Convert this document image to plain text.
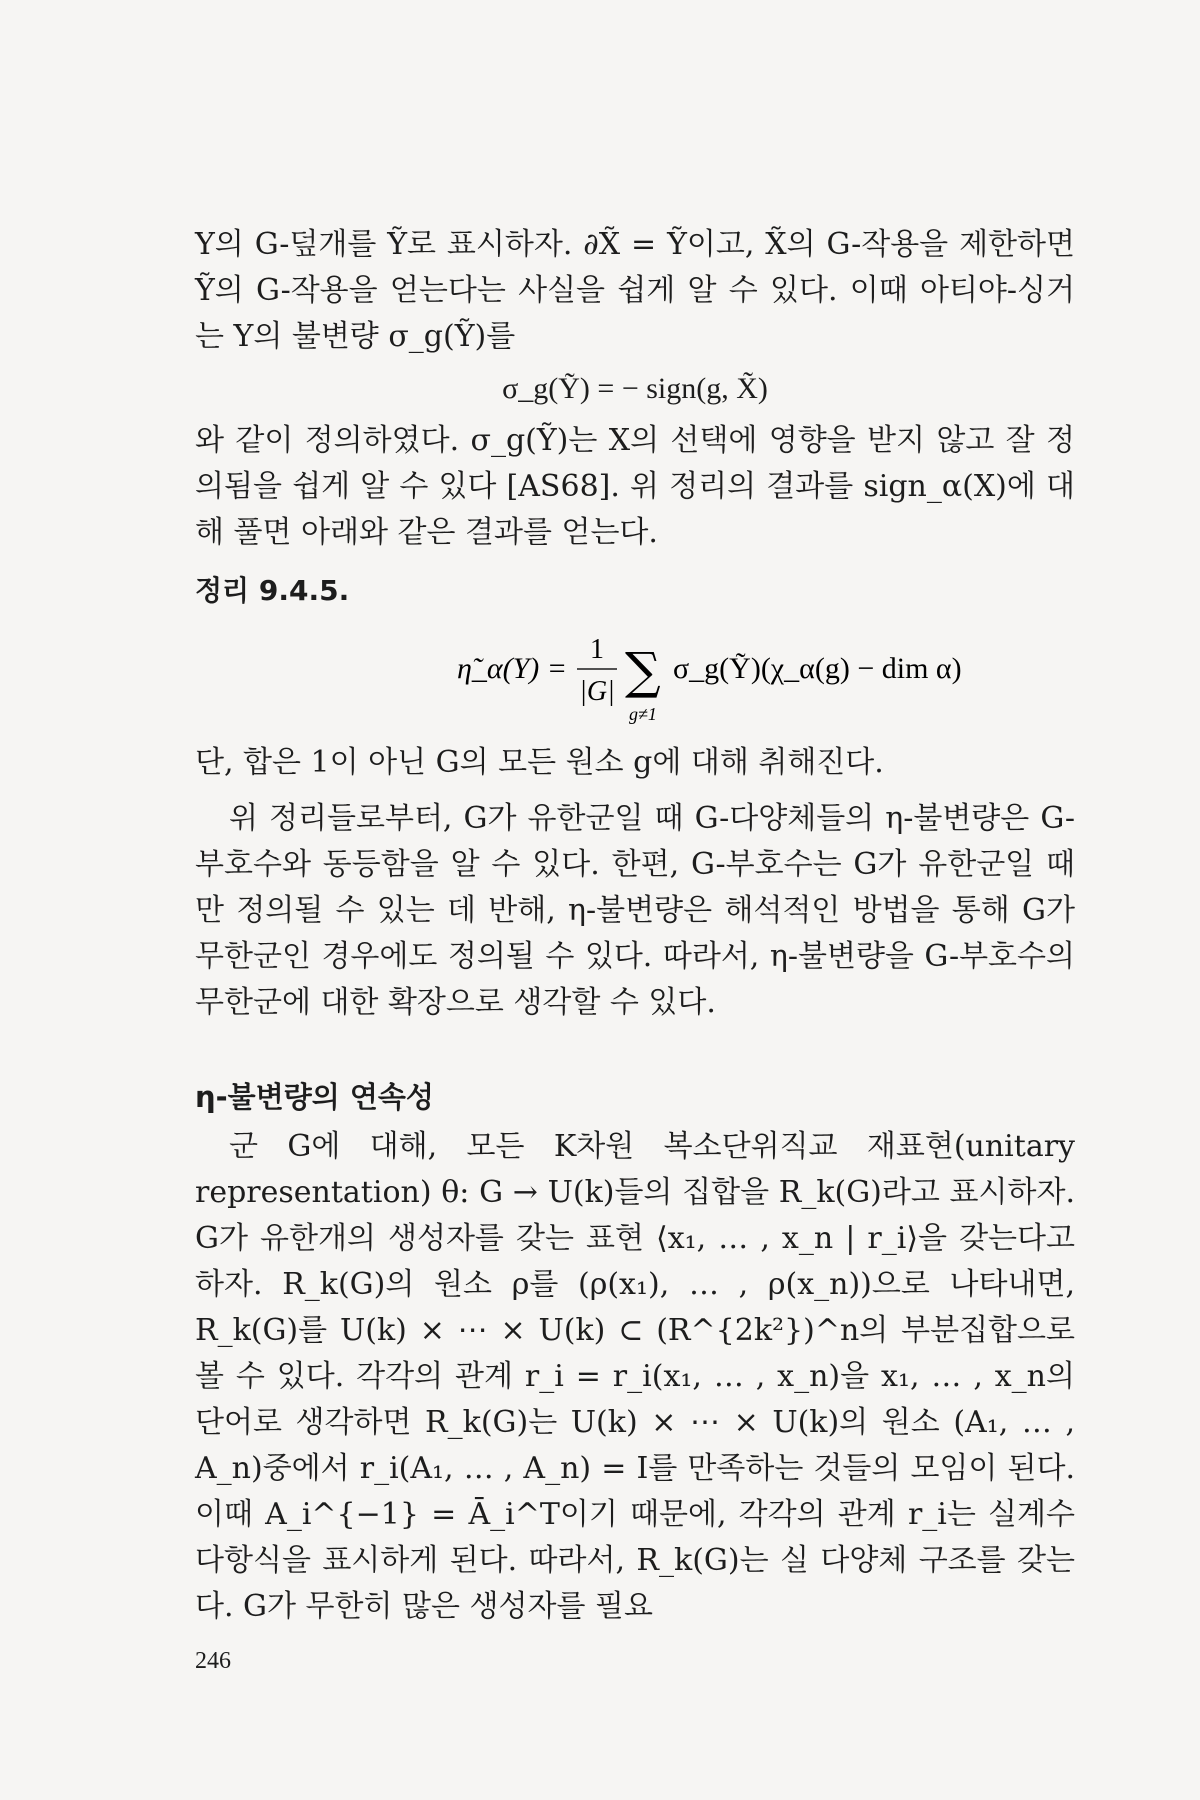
Y의 G-덮개를 Ỹ로 표시하자. ∂X̃ = Ỹ이고, X̃의 G-작용을 제한하면 Ỹ의 G-작용을 얻는다는 사실을 쉽게 알 수 있다. 이때 아티야-싱거는 Y의 불변량 σ_g(Ỹ)를

σ_g(Ỹ) = − sign(g, X̃)

와 같이 정의하였다. σ_g(Ỹ)는 X의 선택에 영향을 받지 않고 잘 정의됨을 쉽게 알 수 있다 [AS68]. 위 정리의 결과를 sign_α(X)에 대해 풀면 아래와 같은 결과를 얻는다.

정리 9.4.5.
η̃_α(Y) =
1
|G| ∑
g≠1
σ_g(Ỹ)(χ_α(g) − dim α)

단, 합은 1이 아닌 G의 모든 원소 g에 대해 취해진다.

위 정리들로부터, G가 유한군일 때 G-다양체들의 η-불변량은 G-부호수와 동등함을 알 수 있다. 한편, G-부호수는 G가 유한군일 때만 정의될 수 있는 데 반해, η-불변량은 해석적인 방법을 통해 G가 무한군인 경우에도 정의될 수 있다. 따라서, η-불변량을 G-부호수의 무한군에 대한 확장으로 생각할 수 있다.

η-불변량의 연속성

군 G에 대해, 모든 K차원 복소단위직교 재표현(unitary representation) θ: G → U(k)들의 집합을 R_k(G)라고 표시하자. G가 유한개의 생성자를 갖는 표현 ⟨x₁, … , x_n | r_i⟩을 갖는다고 하자. R_k(G)의 원소 ρ를 (ρ(x₁), … , ρ(x_n))으로 나타내면, R_k(G)를 U(k) × ⋯ × U(k) ⊂ (R^{2k²})^n의 부분집합으로 볼 수 있다. 각각의 관계 r_i = r_i(x₁, … , x_n)을 x₁, … , x_n의 단어로 생각하면 R_k(G)는 U(k) × ⋯ × U(k)의 원소 (A₁, … , A_n)중에서 r_i(A₁, … , A_n) = I를 만족하는 것들의 모임이 된다. 이때 A_i^{−1} = Ā_i^T이기 때문에, 각각의 관계 r_i는 실계수 다항식을 표시하게 된다. 따라서, R_k(G)는 실 다양체 구조를 갖는다. G가 무한히 많은 생성자를 필요

246
